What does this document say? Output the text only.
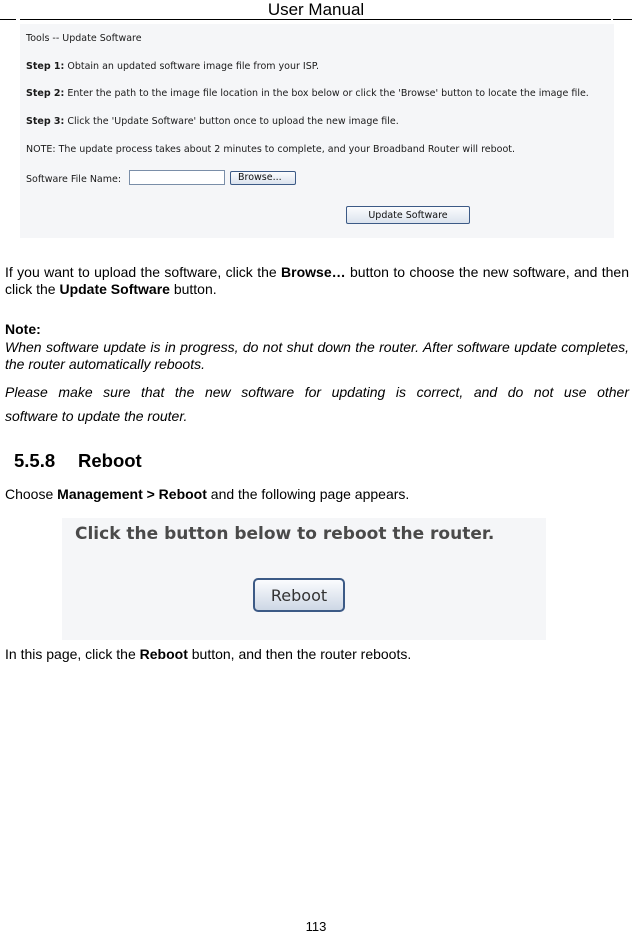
User Manual
Tools -- Update Software
Step 1: Obtain an updated software image file from your ISP.
Step 2: Enter the path to the image file location in the box below or click the 'Browse' button to locate the image file.
Step 3: Click the 'Update Software' button once to upload the new image file.
NOTE: The update process takes about 2 minutes to complete, and your Broadband Router will reboot.
Software File Name:	Browse...
Update Software
If you want to upload the software, click the Browse… button to choose the new software, and then click the Update Software button.
Note:
When software update is in progress, do not shut down the router. After software update completes, the router automatically reboots.
Please make sure that the new software for updating is correct, and do not use other
software to update the router.
5.5.8 Reboot
Choose Management > Reboot and the following page appears.
Click the button below to reboot the router.
Reboot
In this page, click the Reboot button, and then the router reboots.
113
